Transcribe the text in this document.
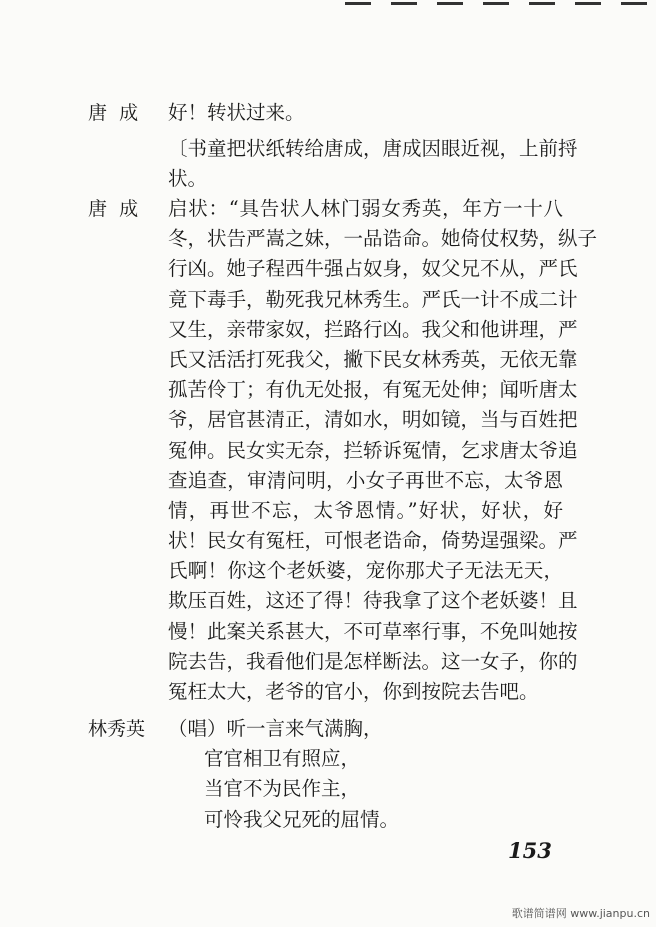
唐  成	好！转状过来。
〔书童把状纸转给唐成，唐成因眼近视，上前捋
状。
唐  成	启状：“具告状人林门弱女秀英，年方一十八
冬，状告严嵩之妹，一品诰命。她倚仗权势，纵子
行凶。她子程西牛强占奴身，奴父兄不从，严氏
竟下毒手，勒死我兄林秀生。严氏一计不成二计
又生，亲带家奴，拦路行凶。我父和他讲理，严
氏又活活打死我父，撇下民女林秀英，无依无靠
孤苦伶丁；有仇无处报，有冤无处伸；闻听唐太
爷，居官甚清正，清如水，明如镜，当与百姓把
冤伸。民女实无奈，拦轿诉冤情，乞求唐太爷追
查追查，审清问明，小女子再世不忘，太爷恩
情，再世不忘，太爷恩情。”好状，好状，好
状！民女有冤枉，可恨老诰命，倚势逞强梁。严
氏啊！你这个老妖婆，宠你那犬子无法无天，
欺压百姓，这还了得！待我拿了这个老妖婆！且
慢！此案关系甚大，不可草率行事，不免叫她按
院去告，我看他们是怎样断法。这一女子，你的
冤枉太大，老爷的官小，你到按院去告吧。
林秀英	（唱）听一言来气满胸，
官官相卫有照应，
当官不为民作主，
可怜我父兄死的屈情。
153
歌谱简谱网 www.jianpu.cn
